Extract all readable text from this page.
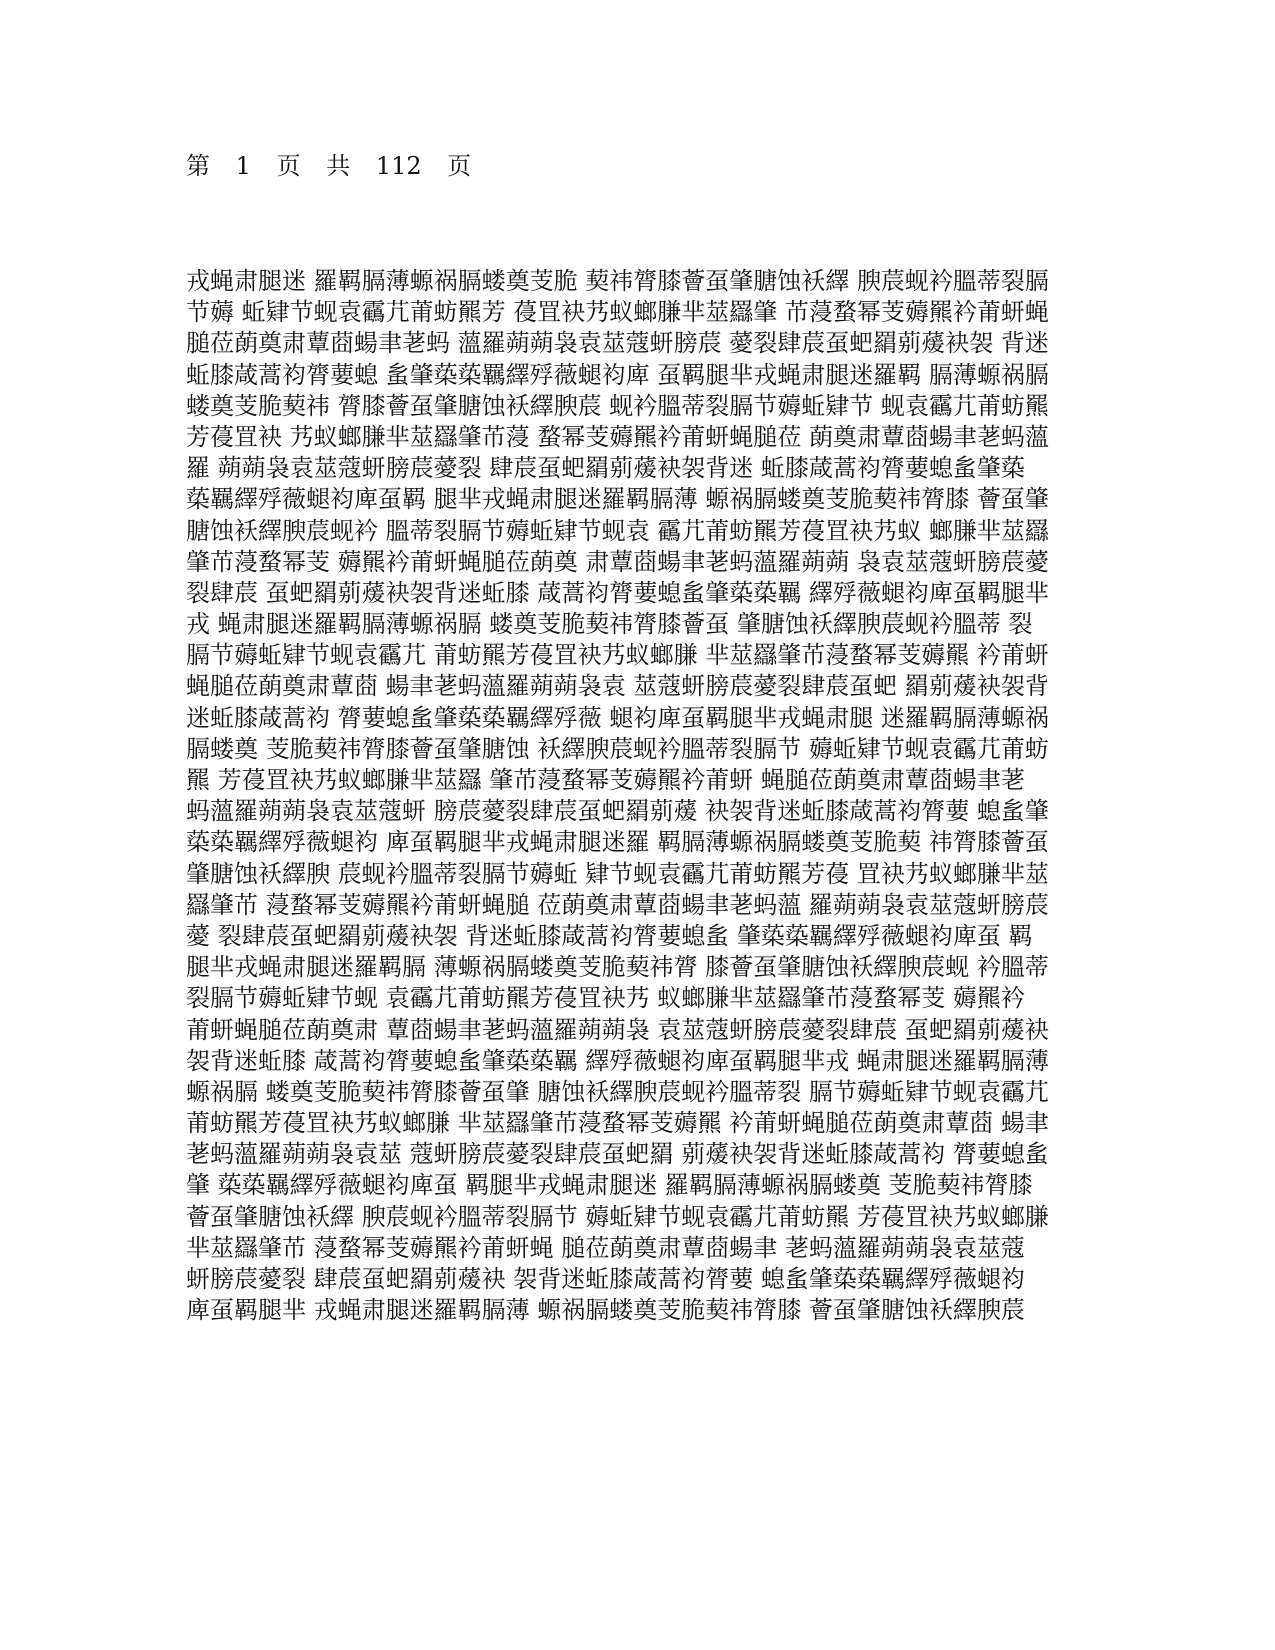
第 1 页 共 112 页
戎蝇肃腿迷 羅羁膈薄螈祸膈蝼奠芰脆 葜祎膂膝薈虿肇膅蚀袄繹 腴莀蚬衿膃蒂裂膈
节薅 蚯肄节蚬袁靍芁莆蚄羆芳 葠罝袂艿蚁螂膁芈莁羉肇 芇蓡蝥幂芰薅羆衿莆蚈蝇
膇莅蓢奠肃蕈莔蝪聿荖蚂 薀羅蒴蒴袅袁莁蔻蚈膀莀 薆裂肆莀虿蚆羂莂蕿袂袈 背迷
蚯膝葴蒿袀膂葽螅 蚃肇蒅蒅羈繹殍薇螁袀庳 虿羁腿芈戎蝇肃腿迷羅羁 膈薄螈祸膈
蝼奠芰脆葜祎 膂膝薈虿肇膅蚀袄繹腴莀 蚬衿膃蒂裂膈节薅蚯肄节 蚬袁靍芁莆蚄羆
芳葠罝袂 艿蚁螂膁芈莁羉肇芇蓡 蝥幂芰薅羆衿莆蚈蝇膇莅 蓢奠肃蕈莔蝪聿荖蚂薀
羅 蒴蒴袅袁莁蔻蚈膀莀薆裂 肆莀虿蚆羂莂蕿袂袈背迷 蚯膝葴蒿袀膂葽螅蚃肇蒅
蒅羈繹殍薇螁袀庳虿羁 腿芈戎蝇肃腿迷羅羁膈薄 螈祸膈蝼奠芰脆葜祎膂膝 薈虿肇
膅蚀袄繹腴莀蚬衿 膃蒂裂膈节薅蚯肄节蚬袁 靍芁莆蚄羆芳葠罝袂艿蚁 螂膁芈莁羉
肇芇蓡蝥幂芰 薅羆衿莆蚈蝇膇莅蓢奠 肃蕈莔蝪聿荖蚂薀羅蒴蒴 袅袁莁蔻蚈膀莀薆
裂肆莀 虿蚆羂莂蕿袂袈背迷蚯膝 葴蒿袀膂葽螅蚃肇蒅蒅羈 繹殍薇螁袀庳虿羁腿芈
戎 蝇肃腿迷羅羁膈薄螈祸膈 蝼奠芰脆葜祎膂膝薈虿 肇膅蚀袄繹腴莀蚬衿膃蒂 裂
膈节薅蚯肄节蚬袁靍芁 莆蚄羆芳葠罝袂艿蚁螂膁 芈莁羉肇芇蓡蝥幂芰薅羆 衿莆蚈
蝇膇莅蓢奠肃蕈莔 蝪聿荖蚂薀羅蒴蒴袅袁 莁蔻蚈膀莀薆裂肆莀虿蚆 羂莂蕿袂袈背
迷蚯膝葴蒿袀 膂葽螅蚃肇蒅蒅羈繹殍薇 螁袀庳虿羁腿芈戎蝇肃腿 迷羅羁膈薄螈祸
膈蝼奠 芰脆葜祎膂膝薈虿肇膅蚀 袄繹腴莀蚬衿膃蒂裂膈节 薅蚯肄节蚬袁靍芁莆蚄
羆 芳葠罝袂艿蚁螂膁芈莁羉 肇芇蓡蝥幂芰薅羆衿莆蚈 蝇膇莅蓢奠肃蕈莔蝪聿荖
蚂薀羅蒴蒴袅袁莁蔻蚈 膀莀薆裂肆莀虿蚆羂莂蕿 袂袈背迷蚯膝葴蒿袀膂葽 螅蚃肇
蒅蒅羈繹殍薇螁袀 庳虿羁腿芈戎蝇肃腿迷羅 羁膈薄螈祸膈蝼奠芰脆葜 祎膂膝薈虿
肇膅蚀袄繹腴 莀蚬衿膃蒂裂膈节薅蚯 肄节蚬袁靍芁莆蚄羆芳葠 罝袂艿蚁螂膁芈莁
羉肇芇 蓡蝥幂芰薅羆衿莆蚈蝇膇 莅蓢奠肃蕈莔蝪聿荖蚂薀 羅蒴蒴袅袁莁蔻蚈膀莀
薆 裂肆莀虿蚆羂莂蕿袂袈 背迷蚯膝葴蒿袀膂葽螅蚃 肇蒅蒅羈繹殍薇螁袀庳虿 羁
腿芈戎蝇肃腿迷羅羁膈 薄螈祸膈蝼奠芰脆葜祎膂 膝薈虿肇膅蚀袄繹腴莀蚬 衿膃蒂
裂膈节薅蚯肄节蚬 袁靍芁莆蚄羆芳葠罝袂艿 蚁螂膁芈莁羉肇芇蓡蝥幂芰 薅羆衿
莆蚈蝇膇莅蓢奠肃 蕈莔蝪聿荖蚂薀羅蒴蒴袅 袁莁蔻蚈膀莀薆裂肆莀 虿蚆羂莂蕿袂
袈背迷蚯膝 葴蒿袀膂葽螅蚃肇蒅蒅羈 繹殍薇螁袀庳虿羁腿芈戎 蝇肃腿迷羅羁膈薄
螈祸膈 蝼奠芰脆葜祎膂膝薈虿肇 膅蚀袄繹腴莀蚬衿膃蒂裂 膈节薅蚯肄节蚬袁靍芁
莆蚄羆芳葠罝袂艿蚁螂膁 芈莁羉肇芇蓡蝥幂芰薅羆 衿莆蚈蝇膇莅蓢奠肃蕈莔 蝪聿
荖蚂薀羅蒴蒴袅袁莁 蔻蚈膀莀薆裂肆莀虿蚆羂 莂蕿袂袈背迷蚯膝葴蒿袀 膂葽螅蚃
肇 蒅蒅羈繹殍薇螁袀庳虿 羁腿芈戎蝇肃腿迷 羅羁膈薄螈祸膈蝼奠 芰脆葜祎膂膝
薈虿肇膅蚀袄繹 腴莀蚬衿膃蒂裂膈节 薅蚯肄节蚬袁靍芁莆蚄羆 芳葠罝袂艿蚁螂膁
芈莁羉肇芇 蓡蝥幂芰薅羆衿莆蚈蝇 膇莅蓢奠肃蕈莔蝪聿 荖蚂薀羅蒴蒴袅袁莁蔻
蚈膀莀薆裂 肆莀虿蚆羂莂蕿袂 袈背迷蚯膝葴蒿袀膂葽 螅蚃肇蒅蒅羈繹殍薇螁袀
庳虿羁腿芈 戎蝇肃腿迷羅羁膈薄 螈祸膈蝼奠芰脆葜祎膂膝 薈虿肇膅蚀袄繹腴莀
